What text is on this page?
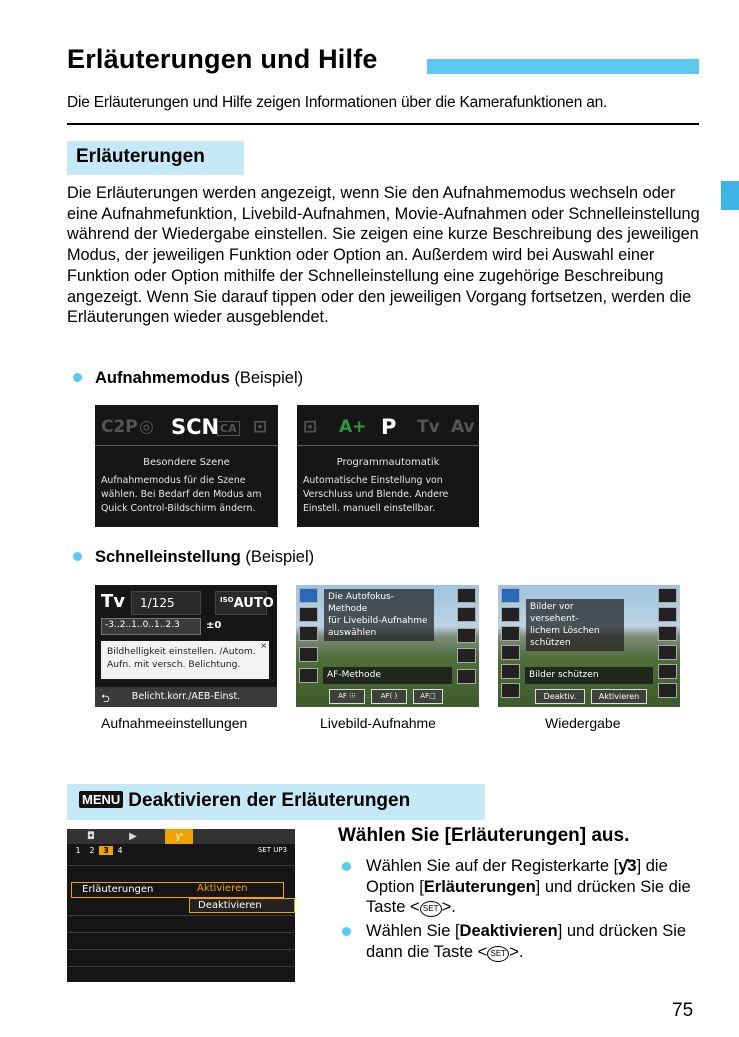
Erläuterungen und Hilfe
Die Erläuterungen und Hilfe zeigen Informationen über die Kamerafunktionen an.
Erläuterungen
Die Erläuterungen werden angezeigt, wenn Sie den Aufnahmemodus wechseln oder eine Aufnahmefunktion, Livebild-Aufnahmen, Movie-Aufnahmen oder Schnelleinstellung während der Wiedergabe einstellen. Sie zeigen eine kurze Beschreibung des jeweiligen Modus, der jeweiligen Funktion oder Option an. Außerdem wird bei Auswahl einer Funktion oder Option mithilfe der Schnelleinstellung eine zugehörige Beschreibung angezeigt. Wenn Sie darauf tippen oder den jeweiligen Vorgang fortsetzen, werden die Erläuterungen wieder ausgeblendet.
Aufnahmemodus (Beispiel)
C2P ◎ SCN CA ⊡
Besondere Szene
Aufnahmemodus für die Szene
wählen. Bei Bedarf den Modus am
Quick Control-Bildschirm ändern.
⊡ A+ P Tv Av
Programmautomatik
Automatische Einstellung von
Verschluss und Blende. Andere
Einstell. manuell einstellbar.
Schnelleinstellung (Beispiel)
Tv	1/125	$^{ISO}$AUTO
-3..2..1..0..1..2.3	±0
×
Bildhelligkeit einstellen. /Autom.
Aufn. mit versch. Belichtung.
⮌ Belicht.korr./AEB-Einst.
Die Autofokus-Methode
für Livebild-Aufnahme
auswählen
AF-Methode
AF ⁝⁝⁝	AF( )	AF□
Bilder vor versehent-
lichem Löschen
schützen
Bilder schützen
Deaktiv.	Aktivieren
Aufnahmeeinstellungen	Livebild-Aufnahme	Wiedergabe
MENU Deaktivieren der Erläuterungen
◘	▶	ƴ
1 2 3 4	SET UP3
Erläuterungen	Aktivieren
Deaktivieren
Wählen Sie [Erläuterungen] aus.
Wählen Sie auf der Registerkarte [ƴ3] die Option [Erläuterungen] und drücken Sie die Taste < SET >.
Wählen Sie [Deaktivieren] und drücken Sie dann die Taste < SET >.
75
